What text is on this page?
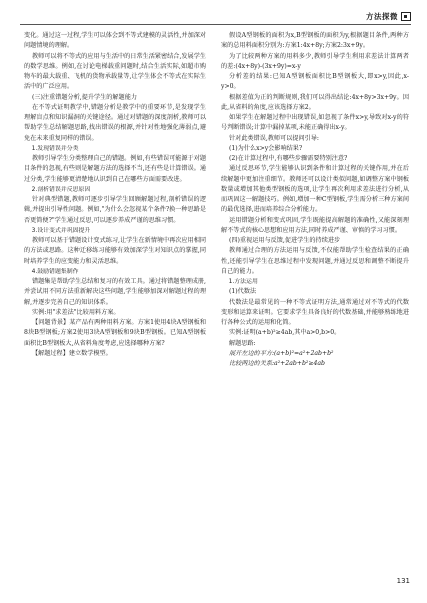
方法探微

变化。通过这一过程,学生可以体会到不等式建模的灵活性,并加深对问题情境的理解。

教师可以将不等式的应用与生活中的日常生活紧密结合,发展学生的数学思维。例如,在讨论电梯载重问题时,结合生活实际,如超市购物车的最大载重、飞机的货物承载量等,让学生体会不等式在实际生活中的广泛应用。

(三)注重错题分析,提升学生的解题能力

在不等式证明教学中,错题分析是教学中的重要环节,是发现学生理解盲点和知识漏洞的关键途径。通过对错题的深度剖析,教师可以帮助学生总结解题思路,找出错误的根源,并针对性地强化薄弱点,避免在未来重复同样的错误。

1.发现错误并分类

教师引导学生分类整理自己的错题。例如,有些错误可能源于对题目条件的忽视,有些则是解题方法的选择不当,还有些是计算错误。通过分类,学生能够更清楚地认识到自己在哪些方面需要改进。

2.剖析错误并反思原因

针对典型错题,教师可逐步引导学生回顾解题过程,剖析错误的逻辑,并提出引导性问题。例如,"为什么会忽视某个条件?换一种思路是否更简便?"学生通过反思,可以逐步养成严谨的思维习惯。

3.设计变式并巩固提升

教师可以基于错题设计变式练习,让学生在新情境中再次应用相同的方法或思路。这种迁移练习能够有效加深学生对知识点的掌握,同时培养学生的应变能力和灵活思维。

4.鼓励错题集制作

错题集是帮助学生总结和复习的有效工具。通过将错题整理成册,并尝试用不同方法重新解决这些问题,学生能够加深对解题过程的理解,并逐步完善自己的知识体系。

实例:用"求差法"比较用料方案。

【问题背景】某产品有两种用料方案。方案1使用4块A型钢板和8块B型钢板;方案2使用3块A型钢板和9块B型钢板。已知A型钢板面积比B型钢板大,从省料角度考虑,应选择哪种方案?

【解题过程】建立数学模型。

假设A型钢板的面积为x,B型钢板的面积为y,根据题目条件,两种方案的总用料面积分别为:方案1:4x+8y;方案2:3x+9y。

为了比较两种方案的用料多少,教师引导学生利用求差法计算两者的差:(4x+8y)-(3x+9y)=x-y

分析差的结果:已知A型钢板面积比B型钢板大,即x>y,因此,x-y>0。

根据差值为正的判断规则,我们可以得出结论:4x+8y>3x+9y。因此,从省料的角度,应该选择方案2。

如果学生在解题过程中出现错误,如忽视了条件x>y,导致对x-y的符号判断错误;计算中漏掉某项,未能正确得出x-y。

针对此类错误,教师可以提问引导:

(1)为什么x>y会影响结果?

(2)在计算过程中,有哪些步骤需要特别注意?

通过反思环节,学生能够认识到条件和计算过程的关键作用,并在后续解题中更加注重细节。教师还可以设计类似问题,如调整方案中钢板数量或增加其他类型钢板的选项,让学生再次利用求差法进行分析,从而巩固这一解题技巧。例如,增加一种C型钢板,学生需分析三种方案间的最优选择,进而培养综合分析能力。

运用错题分析和变式巩固,学生既能提高解题的准确性,又能深刻理解不等式的核心思想和应用方法,同时养成严谨、审慎的学习习惯。

(四)重视运用与反馈,促进学生的持续进步

教师通过合理的方法运用与反馈,不仅能帮助学生检查结果的正确性,还能引导学生在思维过程中发现问题,并通过反思和调整不断提升自己的能力。

1.方法运用

(1)代数法

代数法是最常见的一种不等式证明方法,通常通过对不等式的代数变形和运算来证明。它要求学生具备良好的代数基础,并能够熟练地进行各种公式的运用和化简。

实例:证明(a+b)²≥4ab,其中a>0,b>0。

解题思路:

展开左边的平方:(a+b)²=a²+2ab+b²

比较两边的关系:a²+2ab+b²≥4ab

131
